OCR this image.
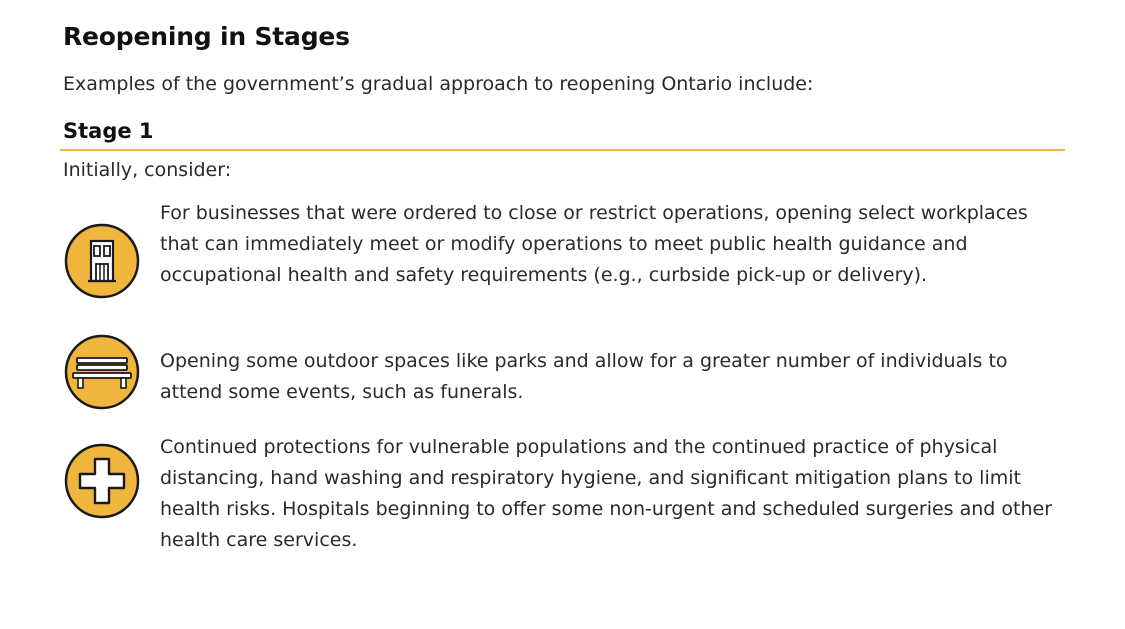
Reopening in Stages

Examples of the government’s gradual approach to reopening Ontario include:

Stage 1

Initially, consider:

For businesses that were ordered to close or restrict operations, opening select workplaces that can immediately meet or modify operations to meet public health guidance and occupational health and safety requirements (e.g., curbside pick-up or delivery).

Opening some outdoor spaces like parks and allow for a greater number of individuals to attend some events, such as funerals.

Continued protections for vulnerable populations and the continued practice of physical distancing, hand washing and respiratory hygiene, and significant mitigation plans to limit health risks. Hospitals beginning to offer some non-urgent and scheduled surgeries and other health care services.
